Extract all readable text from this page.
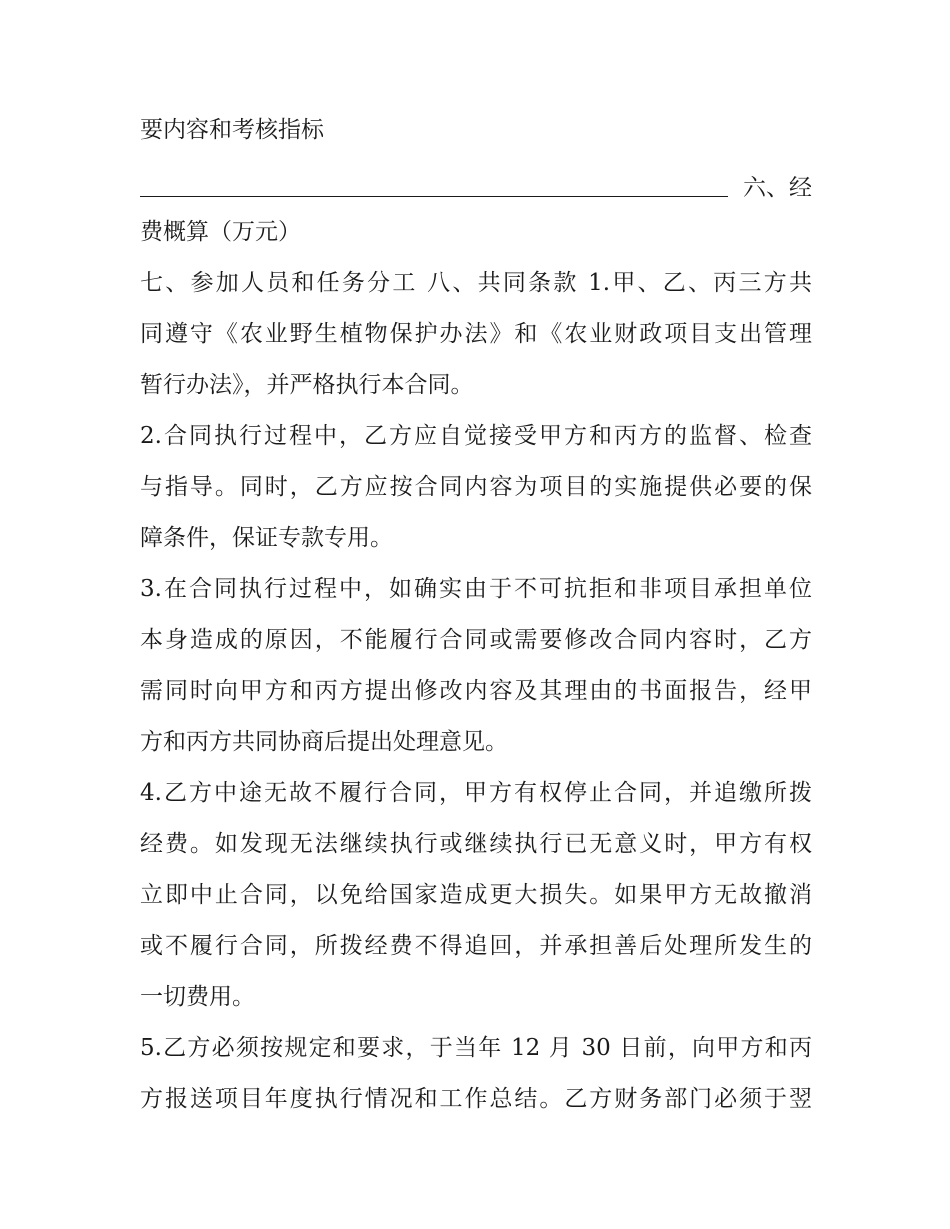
要内容和考核指标
六、经
费概算（万元）
七、参加人员和任务分工 八、共同条款 1.甲、乙、丙三方共
同遵守《农业野生植物保护办法》和《农业财政项目支出管理
暂行办法》，并严格执行本合同。
2.合同执行过程中，乙方应自觉接受甲方和丙方的监督、检查
与指导。同时，乙方应按合同内容为项目的实施提供必要的保
障条件，保证专款专用。
3.在合同执行过程中，如确实由于不可抗拒和非项目承担单位
本身造成的原因，不能履行合同或需要修改合同内容时，乙方
需同时向甲方和丙方提出修改内容及其理由的书面报告，经甲
方和丙方共同协商后提出处理意见。
4.乙方中途无故不履行合同，甲方有权停止合同，并追缴所拨
经费。如发现无法继续执行或继续执行已无意义时，甲方有权
立即中止合同，以免给国家造成更大损失。如果甲方无故撤消
或不履行合同，所拨经费不得追回，并承担善后处理所发生的
一切费用。
5.乙方必须按规定和要求，于当年 12 月 30 日前，向甲方和丙
方报送项目年度执行情况和工作总结。乙方财务部门必须于翌
